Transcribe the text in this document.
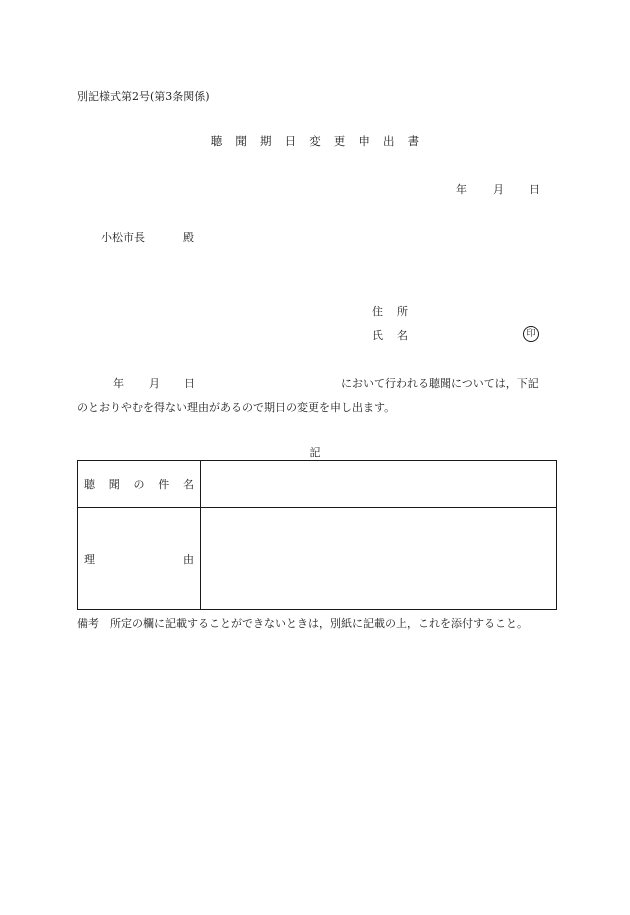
別記様式第2号(第3条関係)
聴 聞 期 日 変 更 申 出 書
年 月 日
小松市長	殿
住 所
氏 名	印
年 月 日	において行われる聴聞については，下記
のとおりやむを得ない理由があるので期日の変更を申し出ます。
記
聴 聞 の 件 名	

理 由	

備考　所定の欄に記載することができないときは，別紙に記載の上，これを添付すること。
